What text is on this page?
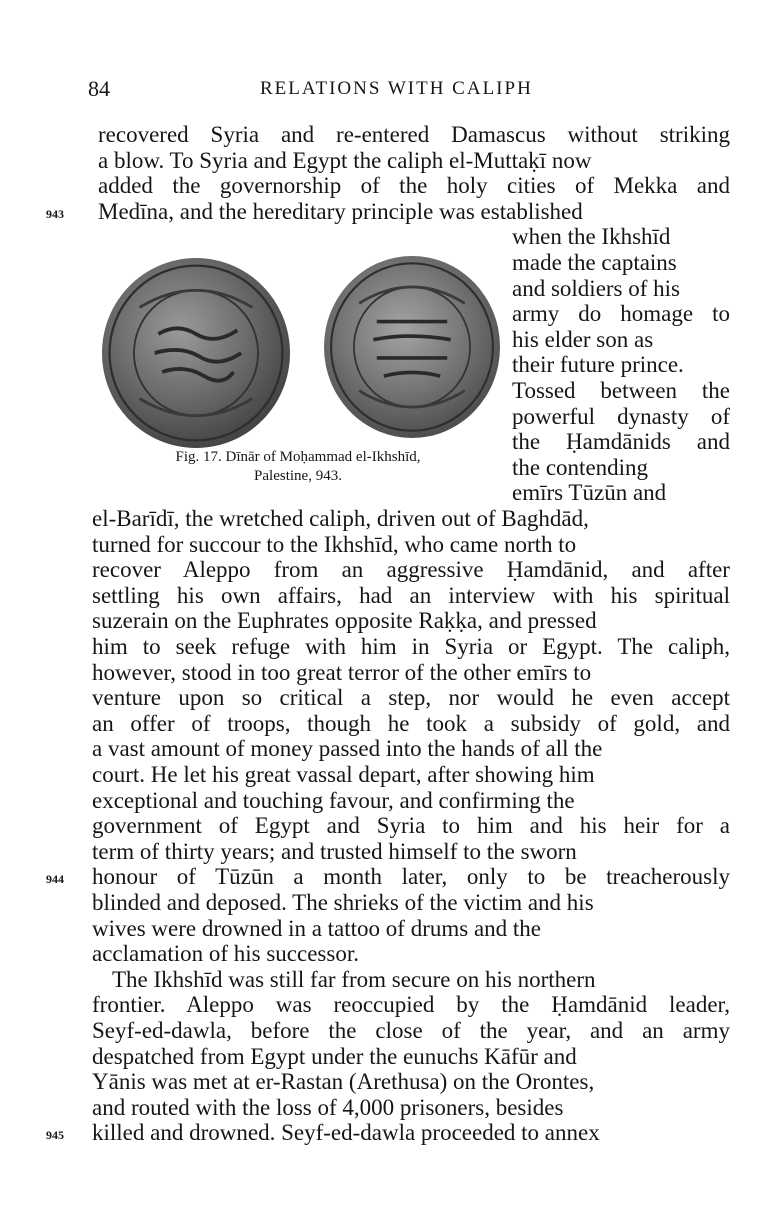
84	RELATIONS WITH CALIPH
recovered Syria and re-entered Damascus without striking
a blow. To Syria and Egypt the caliph el-Muttaḳī now
added the governorship of the holy cities of Mekka and
Medīna, and the hereditary principle was established
when the Ikhshīd
made the captains
and soldiers of his
army do homage to
his elder son as
their future prince.
Tossed between the
powerful dynasty of
the Ḥamdānids and
the contending
emīrs Tūzūn and
el-Barīdī, the wretched caliph, driven out of Baghdād,
turned for succour to the Ikhshīd, who came north to
recover Aleppo from an aggressive Ḥamdānid, and after
settling his own affairs, had an interview with his spiritual
suzerain on the Euphrates opposite Raḳḳa, and pressed
him to seek refuge with him in Syria or Egypt. The caliph,
however, stood in too great terror of the other emīrs to
venture upon so critical a step, nor would he even accept
an offer of troops, though he took a subsidy of gold, and
a vast amount of money passed into the hands of all the
court. He let his great vassal depart, after showing him
exceptional and touching favour, and confirming the
government of Egypt and Syria to him and his heir for a
term of thirty years; and trusted himself to the sworn
honour of Tūzūn a month later, only to be treacherously
blinded and deposed. The shrieks of the victim and his
wives were drowned in a tattoo of drums and the
acclamation of his successor.
The Ikhshīd was still far from secure on his northern
frontier. Aleppo was reoccupied by the Ḥamdānid leader,
Seyf-ed-dawla, before the close of the year, and an army
despatched from Egypt under the eunuchs Kāfūr and
Yānis was met at er-Rastan (Arethusa) on the Orontes,
and routed with the loss of 4,000 prisoners, besides
killed and drowned. Seyf-ed-dawla proceeded to annex
Fig. 17. Dīnār of Moḥammad el-Ikhshīd,
Palestine, 943.
943
944
945
